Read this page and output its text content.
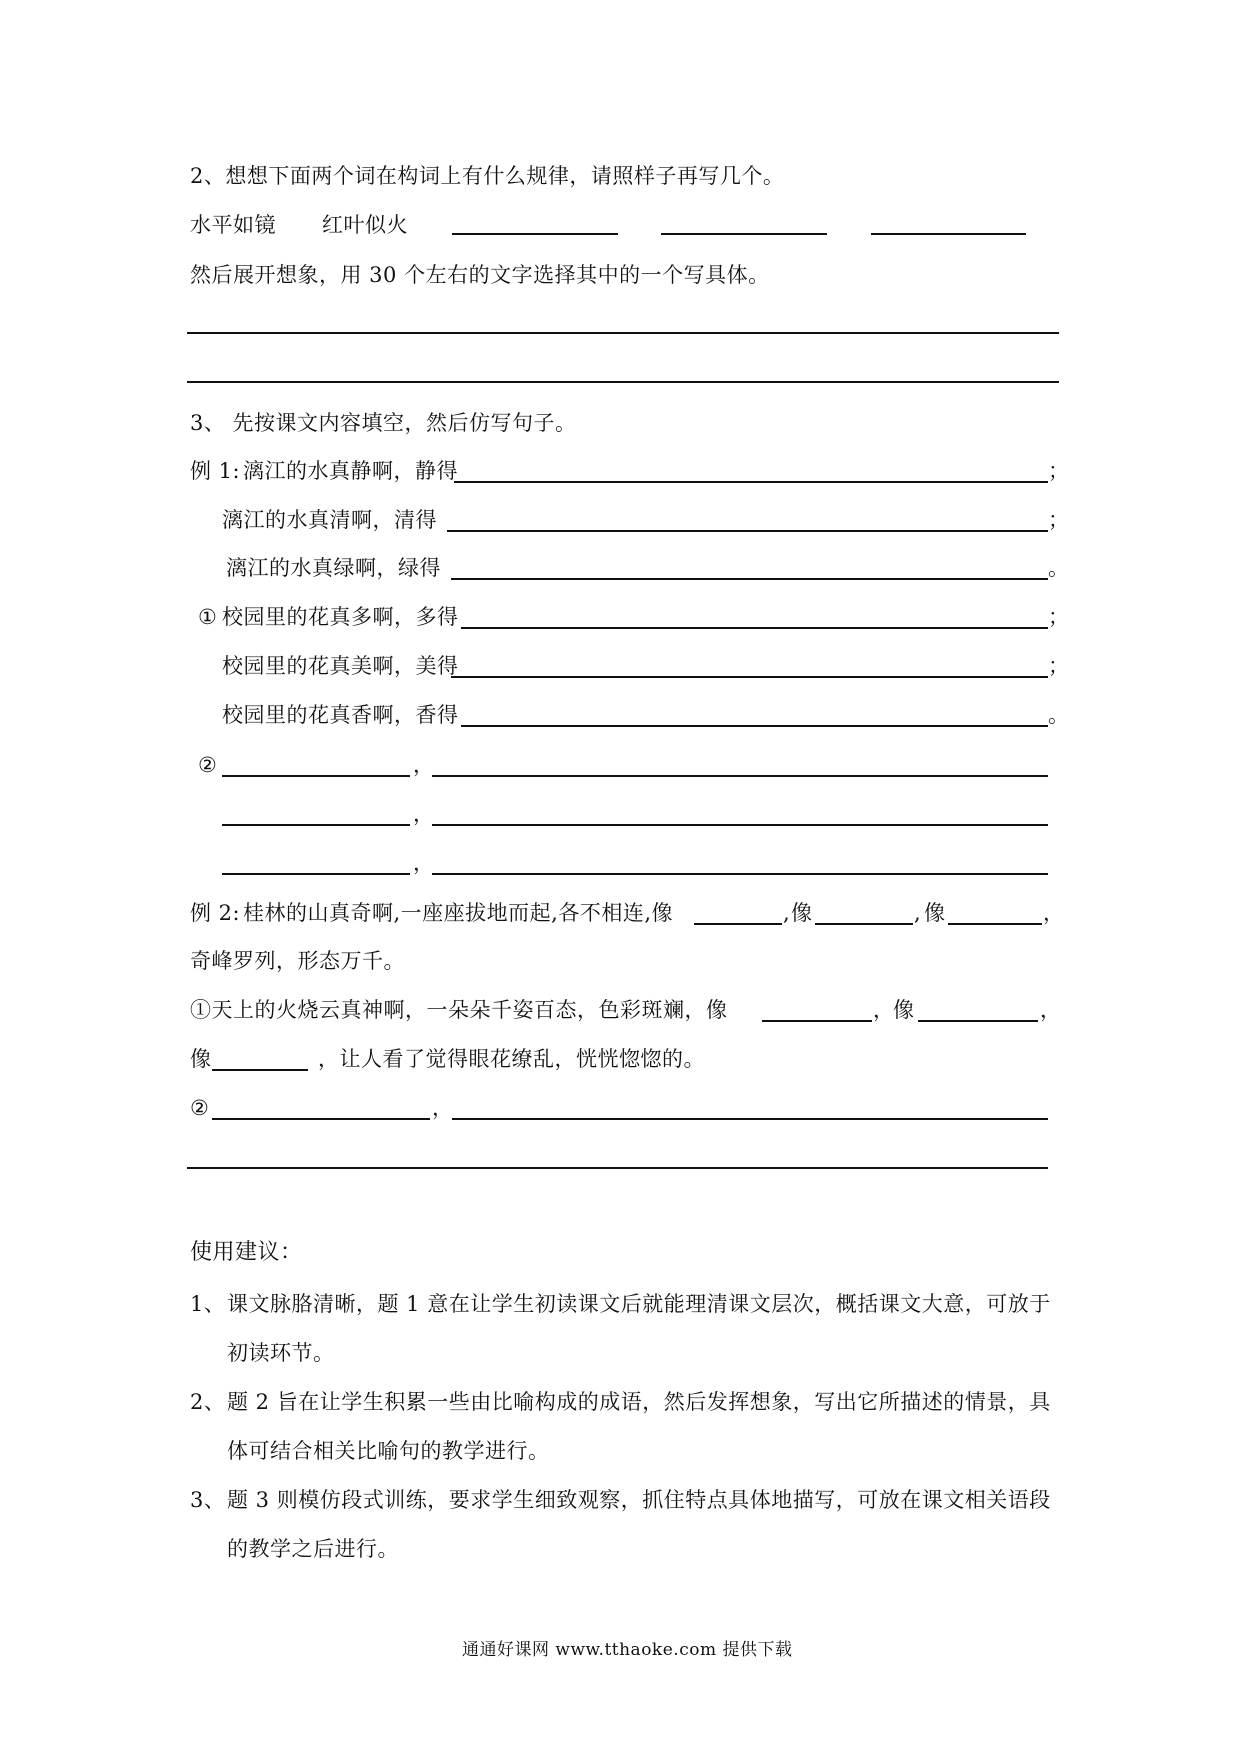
2、想想下面两个词在构词上有什么规律，请照样子再写几个。
水平如镜 红叶似火
然后展开想象，用 30 个左右的文字选择其中的一个写具体。
3、 先按课文内容填空，然后仿写句子。
例 1: 漓江的水真静啊，静得	；
漓江的水真清啊，清得	；
漓江的水真绿啊，绿得	。
① 校园里的花真多啊，多得	；
校园里的花真美啊，美得	；
校园里的花真香啊，香得	。
②	，
，
，
例 2: 桂林的山真奇啊,一座座拔地而起,各不相连,像	, 像	, 像	，
奇峰罗列，形态万千。
①天上的火烧云真神啊，一朵朵千姿百态，色彩斑斓，像	，
像	，
像	，让人看了觉得眼花缭乱，恍恍惚惚的。
②	，
使用建议：
1、 课文脉胳清晰，题 1 意在让学生初读课文后就能理清课文层次，概括课文大意，可放于
初读环节。
2、 题 2 旨在让学生积累一些由比喻构成的成语，然后发挥想象，写出它所描述的情景，具
体可结合相关比喻句的教学进行。
3、 题 3 则模仿段式训练，要求学生细致观察，抓住特点具体地描写，可放在课文相关语段
的教学之后进行。
通通好课网 www.tthaoke.com 提供下载
